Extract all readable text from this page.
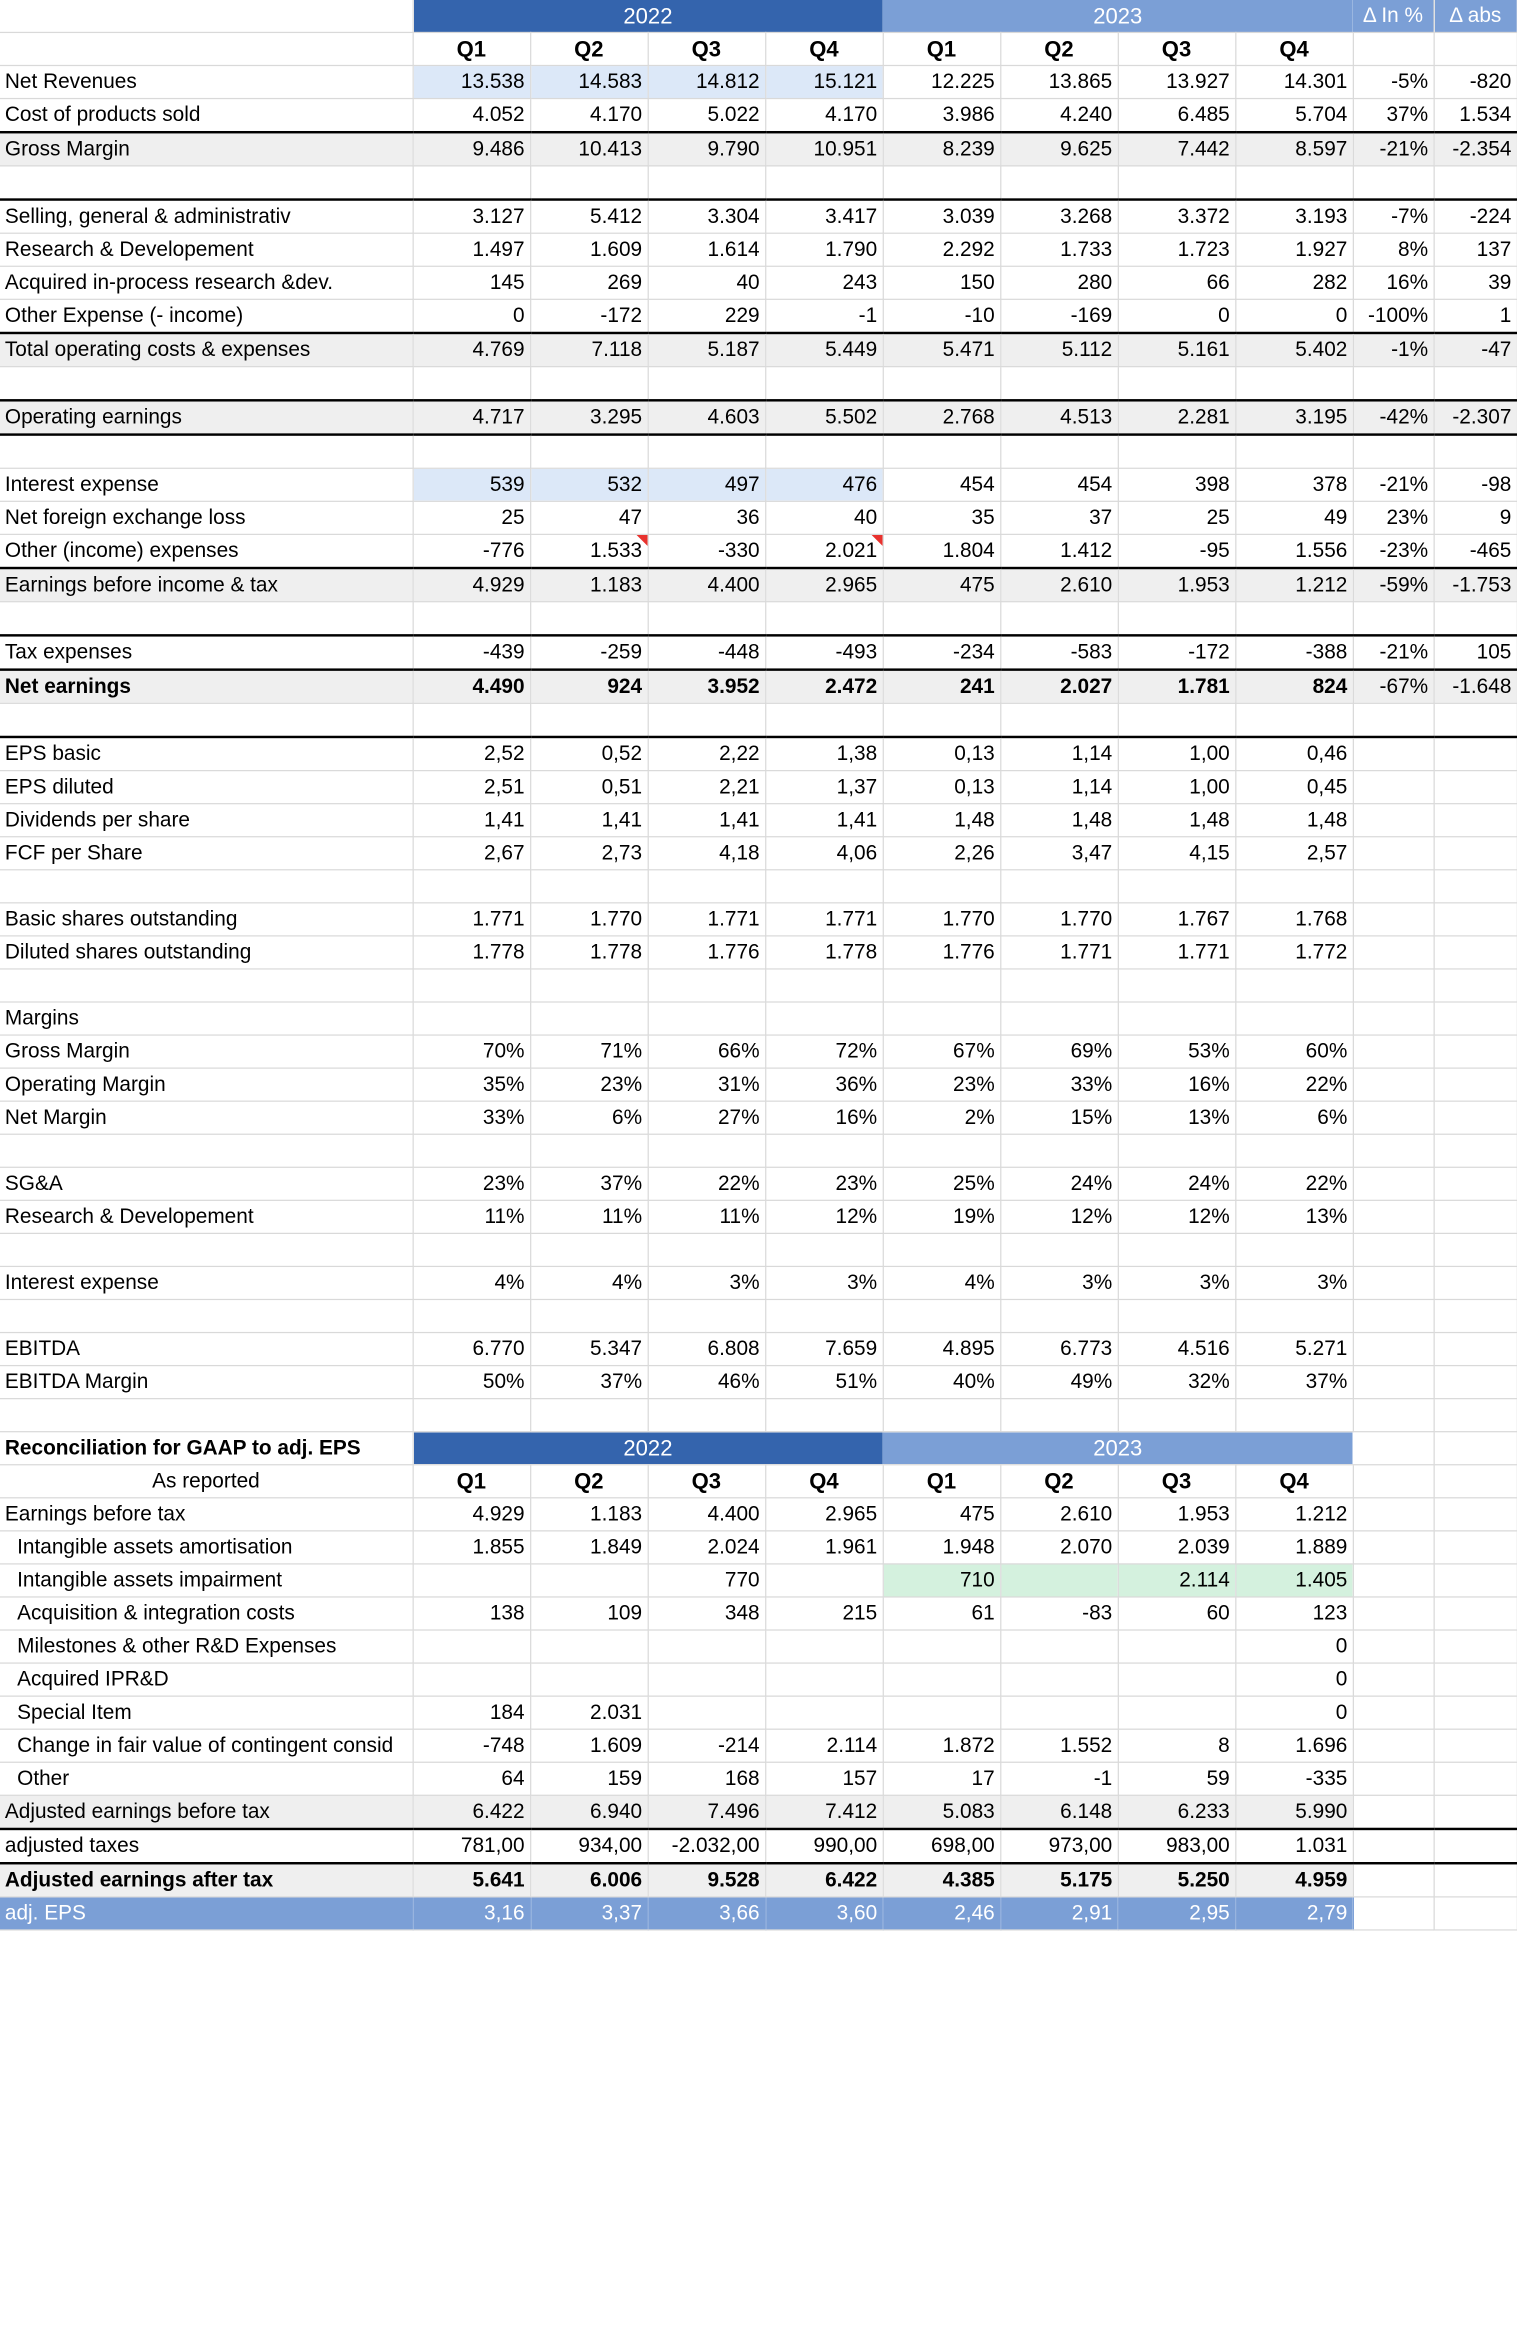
	2022				2023				Δ In %	Δ abs
	Q1	Q2	Q3	Q4	Q1	Q2	Q3	Q4		
Net Revenues	13.538	14.583	14.812	15.121	12.225	13.865	13.927	14.301	-5%	-820
Cost of products sold	4.052	4.170	5.022	4.170	3.986	4.240	6.485	5.704	37%	1.534
Gross Margin	9.486	10.413	9.790	10.951	8.239	9.625	7.442	8.597	-21%	-2.354

Selling, general & administrativ	3.127	5.412	3.304	3.417	3.039	3.268	3.372	3.193	-7%	-224
Research & Developement	1.497	1.609	1.614	1.790	2.292	1.733	1.723	1.927	8%	137
Acquired in-process research &dev.	145	269	40	243	150	280	66	282	16%	39
Other Expense (- income)	0	-172	229	-1	-10	-169	0	0	-100%	1
Total operating costs & expenses	4.769	7.118	5.187	5.449	5.471	5.112	5.161	5.402	-1%	-47

Operating earnings	4.717	3.295	4.603	5.502	2.768	4.513	2.281	3.195	-42%	-2.307

Interest expense	539	532	497	476	454	454	398	378	-21%	-98
Net foreign exchange loss	25	47	36	40	35	37	25	49	23%	9
Other (income) expenses	-776	1.533	-330	2.021	1.804	1.412	-95	1.556	-23%	-465
Earnings before income & tax	4.929	1.183	4.400	2.965	475	2.610	1.953	1.212	-59%	-1.753

Tax expenses	-439	-259	-448	-493	-234	-583	-172	-388	-21%	105
Net earnings	4.490	924	3.952	2.472	241	2.027	1.781	824	-67%	-1.648

EPS basic	2,52	0,52	2,22	1,38	0,13	1,14	1,00	0,46		
EPS diluted	2,51	0,51	2,21	1,37	0,13	1,14	1,00	0,45		
Dividends per share	1,41	1,41	1,41	1,41	1,48	1,48	1,48	1,48		
FCF per Share	2,67	2,73	4,18	4,06	2,26	3,47	4,15	2,57		

Basic shares outstanding	1.771	1.770	1.771	1.771	1.770	1.770	1.767	1.768		
Diluted shares outstanding	1.778	1.778	1.776	1.778	1.776	1.771	1.771	1.772		

Margins										
Gross Margin	70%	71%	66%	72%	67%	69%	53%	60%		
Operating Margin	35%	23%	31%	36%	23%	33%	16%	22%		
Net Margin	33%	6%	27%	16%	2%	15%	13%	6%		

SG&A	23%	37%	22%	23%	25%	24%	24%	22%		
Research & Developement	11%	11%	11%	12%	19%	12%	12%	13%		

Interest expense	4%	4%	3%	3%	4%	3%	3%	3%		

EBITDA	6.770	5.347	6.808	7.659	4.895	6.773	4.516	5.271		
EBITDA Margin	50%	37%	46%	51%	40%	49%	32%	37%		

Reconciliation for GAAP to adj. EPS	2022				2023					
As reported	Q1	Q2	Q3	Q4	Q1	Q2	Q3	Q4		
Earnings before tax	4.929	1.183	4.400	2.965	475	2.610	1.953	1.212		
Intangible assets amortisation	1.855	1.849	2.024	1.961	1.948	2.070	2.039	1.889		
Intangible assets impairment			770		710		2.114	1.405		
Acquisition & integration costs	138	109	348	215	61	-83	60	123		
Milestones & other R&D Expenses								0		
Acquired IPR&D								0		
Special Item	184	2.031						0		
Change in fair value of contingent consid	-748	1.609	-214	2.114	1.872	1.552	8	1.696		
Other	64	159	168	157	17	-1	59	-335		
Adjusted earnings before tax	6.422	6.940	7.496	7.412	5.083	6.148	6.233	5.990		
adjusted taxes	781,00	934,00	-2.032,00	990,00	698,00	973,00	983,00	1.031		
Adjusted earnings after tax	5.641	6.006	9.528	6.422	4.385	5.175	5.250	4.959		
adj. EPS	3,16	3,37	3,66	3,60	2,46	2,91	2,95	2,79		
